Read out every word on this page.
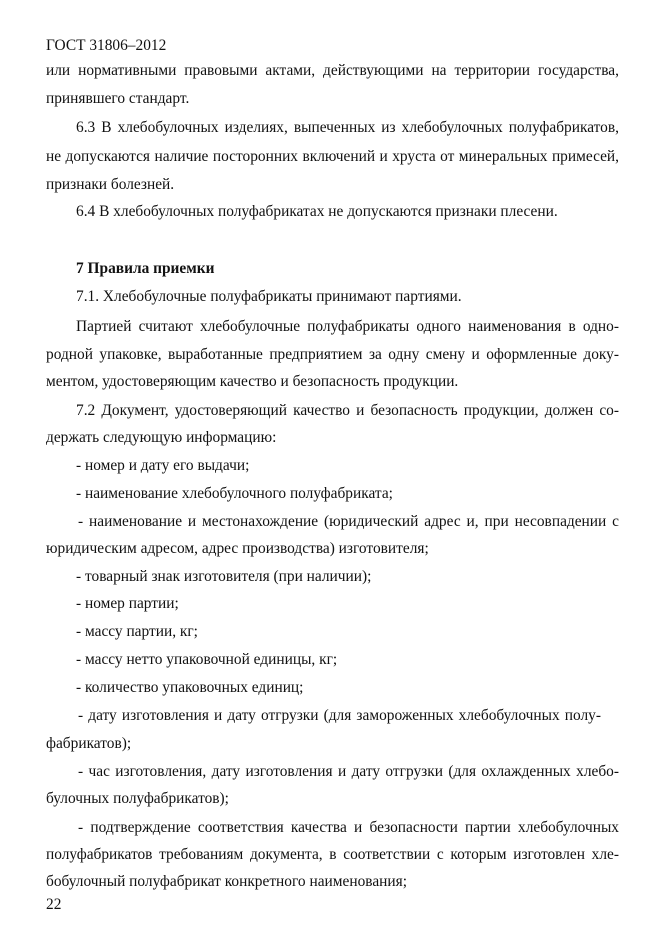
ГОСТ 31806–2012
или нормативными правовыми актами, действующими на территории государства,
принявшего стандарт.
6.3 В хлебобулочных изделиях, выпеченных из хлебобулочных полуфабрикатов,
не допускаются наличие посторонних включений и хруста от минеральных примесей,
признаки болезней.
6.4 В хлебобулочных полуфабрикатах не допускаются признаки плесени.
7 Правила приемки
7.1. Хлебобулочные полуфабрикаты принимают партиями.
Партией считают хлебобулочные полуфабрикаты одного наименования в одно-
родной упаковке, выработанные предприятием за одну смену и оформленные доку-
ментом, удостоверяющим качество и безопасность продукции.
7.2 Документ, удостоверяющий качество и безопасность продукции, должен со-
держать следующую информацию:
- номер и дату его выдачи;
- наименование хлебобулочного полуфабриката;
- наименование и местонахождение (юридический адрес и, при несовпадении с
юридическим адресом, адрес производства) изготовителя;
- товарный знак изготовителя (при наличии);
- номер партии;
- массу партии, кг;
- массу нетто упаковочной единицы, кг;
- количество упаковочных единиц;
- дату изготовления и дату отгрузки (для замороженных хлебобулочных полу-
фабрикатов);
- час изготовления, дату изготовления и дату отгрузки (для охлажденных хлебо-
булочных полуфабрикатов);
- подтверждение соответствия качества и безопасности партии хлебобулочных
полуфабрикатов требованиям документа, в соответствии с которым изготовлен хле-
бобулочный полуфабрикат конкретного наименования;
22
